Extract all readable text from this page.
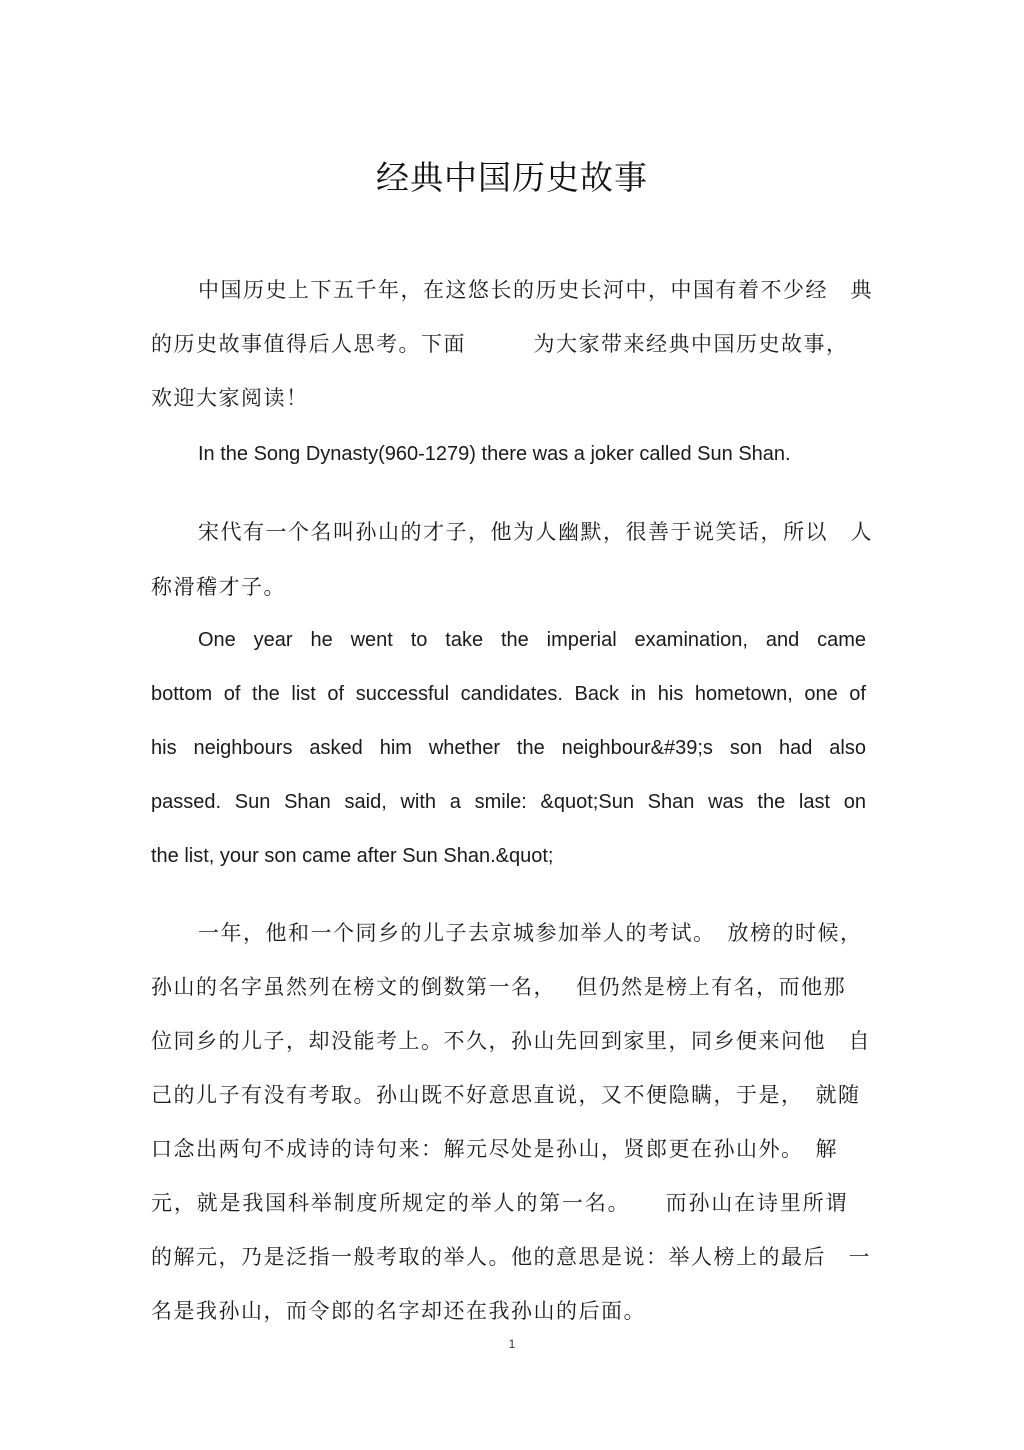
经典中国历史故事

中国历史上下五千年，在这悠长的历史长河中，中国有着不少经　典

的历史故事值得后人思考。下面　　　为大家带来经典中国历史故事，

欢迎大家阅读！

In the Song Dynasty(960-1279) there was a joker called Sun Shan.

宋代有一个名叫孙山的才子，他为人幽默，很善于说笑话，所以　人

称滑稽才子。

One year he went to take the imperial examination, and came

bottom of the list of successful candidates. Back in his hometown, one of

his neighbours asked him whether the neighbour&#39;s son had also

passed. Sun Shan said, with a smile: &quot;Sun Shan was the last on

the list, your son came after Sun Shan.&quot;

一年，他和一个同乡的儿子去京城参加举人的考试。　放榜的时候，

孙山的名字虽然列在榜文的倒数第一名，　 但仍然是榜上有名，而他那

位同乡的儿子，却没能考上。不久，孙山先回到家里，同乡便来问他　自

己的儿子有没有考取。孙山既不好意思直说，又不便隐瞒，于是，　就随

口念出两句不成诗的诗句来：解元尽处是孙山，贤郎更在孙山外。　解

元，就是我国科举制度所规定的举人的第一名。　　而孙山在诗里所谓

的解元，乃是泛指一般考取的举人。他的意思是说：举人榜上的最后　一

名是我孙山，而令郎的名字却还在我孙山的后面。

1
